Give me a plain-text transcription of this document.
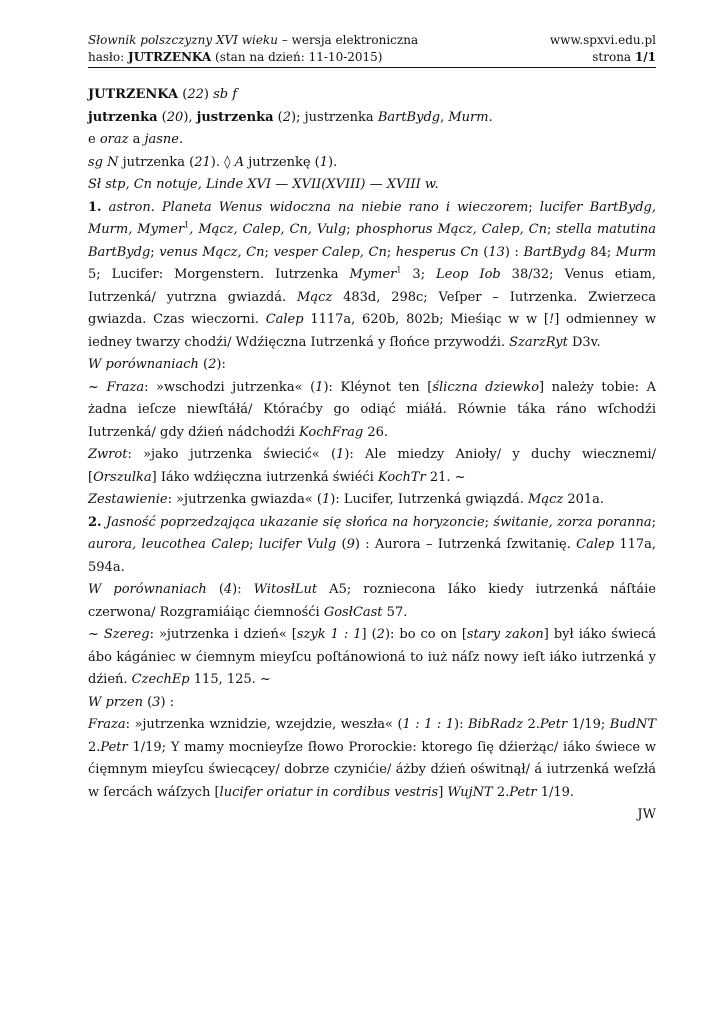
Słownik polszczyzny XVI wieku – wersja elektroniczna	www.spxvi.edu.pl
hasło: JUTRZENKA (stan na dzień: 11-10-2015)	strona 1/1

JUTRZENKA (22) sb f

jutrzenka (20), justrzenka (2); justrzenka BartBydg, Murm.

e oraz a jasne.

sg N jutrzenka (21). ◊ A jutrzenkę (1).

Sł stp, Cn notuje, Linde XVI — XVII(XVIII) — XVIII w.

1. astron. Planeta Wenus widoczna na niebie rano i wieczorem; lucifer BartBydg, Murm, Mymer$^1$, Mącz, Calep, Cn, Vulg; phosphorus Mącz, Calep, Cn; stella matutina BartBydg; venus Mącz, Cn; vesper Calep, Cn; hesperus Cn (13) : BartBydg 84; Murm 5; Lucifer: Morgenstern. Iutrzenka Mymer$^1$ 3; Leop Iob 38/32; Venus etiam, Iutrzenká/ yutrzna gwiazdá. Mącz 483d, 298c; Veſper – Iutrzenka. Zwierzeca gwiazda. Czas wieczorni. Calep 1117a, 620b, 802b; Mieśiąc w w [!] odmienney w iedney twarzy chodźi/ Wdźięczna Iutrzenká y ſłońce przywodźi. SzarzRyt D3v.

W porównaniach (2):

~ Fraza: »wschodzi jutrzenka« (1): Kléynot ten [śliczna dziewko] należy tobie: A żadna ieſcze niewſtáłá/ Któraćby go odiąć miáłá. Równie táka ráno wſchodźi Iutrzenká/ gdy dźień nádchodźi KochFrag 26.

Zwrot: »jako jutrzenka świecić« (1): Ale miedzy Anioły/ y duchy wiecznemi/ [Orszulka] Iáko wdźięczna iutrzenká świéći KochTr 21. ~

Zestawienie: »jutrzenka gwiazda« (1): Lucifer, Iutrzenká gwiązdá. Mącz 201a.

2. Jasność poprzedzająca ukazanie się słońca na horyzoncie; świtanie, zorza poranna; aurora, leucothea Calep; lucifer Vulg (9) : Aurora – Iutrzenká ſzwitanię. Calep 117a, 594a.

W porównaniach (4): WitosłLut A5; rozniecona Iáko kiedy iutrzenká náſtáie czerwona/ Rozgramiáiąc ćiemnośći GosłCast 57.

~ Szereg: »jutrzenka i dzień« [szyk 1 : 1] (2): bo co on [stary zakon] był iáko świecá ábo kágániec w ćiemnym mieyſcu poſtánowioná to iuż náſz nowy ieſt iáko iutrzenká y dźień. CzechEp 115, 125. ~

W przen (3) :

Fraza: »jutrzenka wznidzie, wzejdzie, weszła« (1 : 1 : 1): BibRadz 2.Petr 1/19; BudNT 2.Petr 1/19; Y mamy mocnieyſze ſłowo Prorockie: ktorego ſię dźierżąc/ iáko świece w ćięmnym mieyſcu świecącey/ dobrze czynićie/ áżby dźień oświtnął/ á iutrzenká weſzłá w ſercách wáſzych [lucifer oriatur in cordibus vestris] WujNT 2.Petr 1/19.

JW
